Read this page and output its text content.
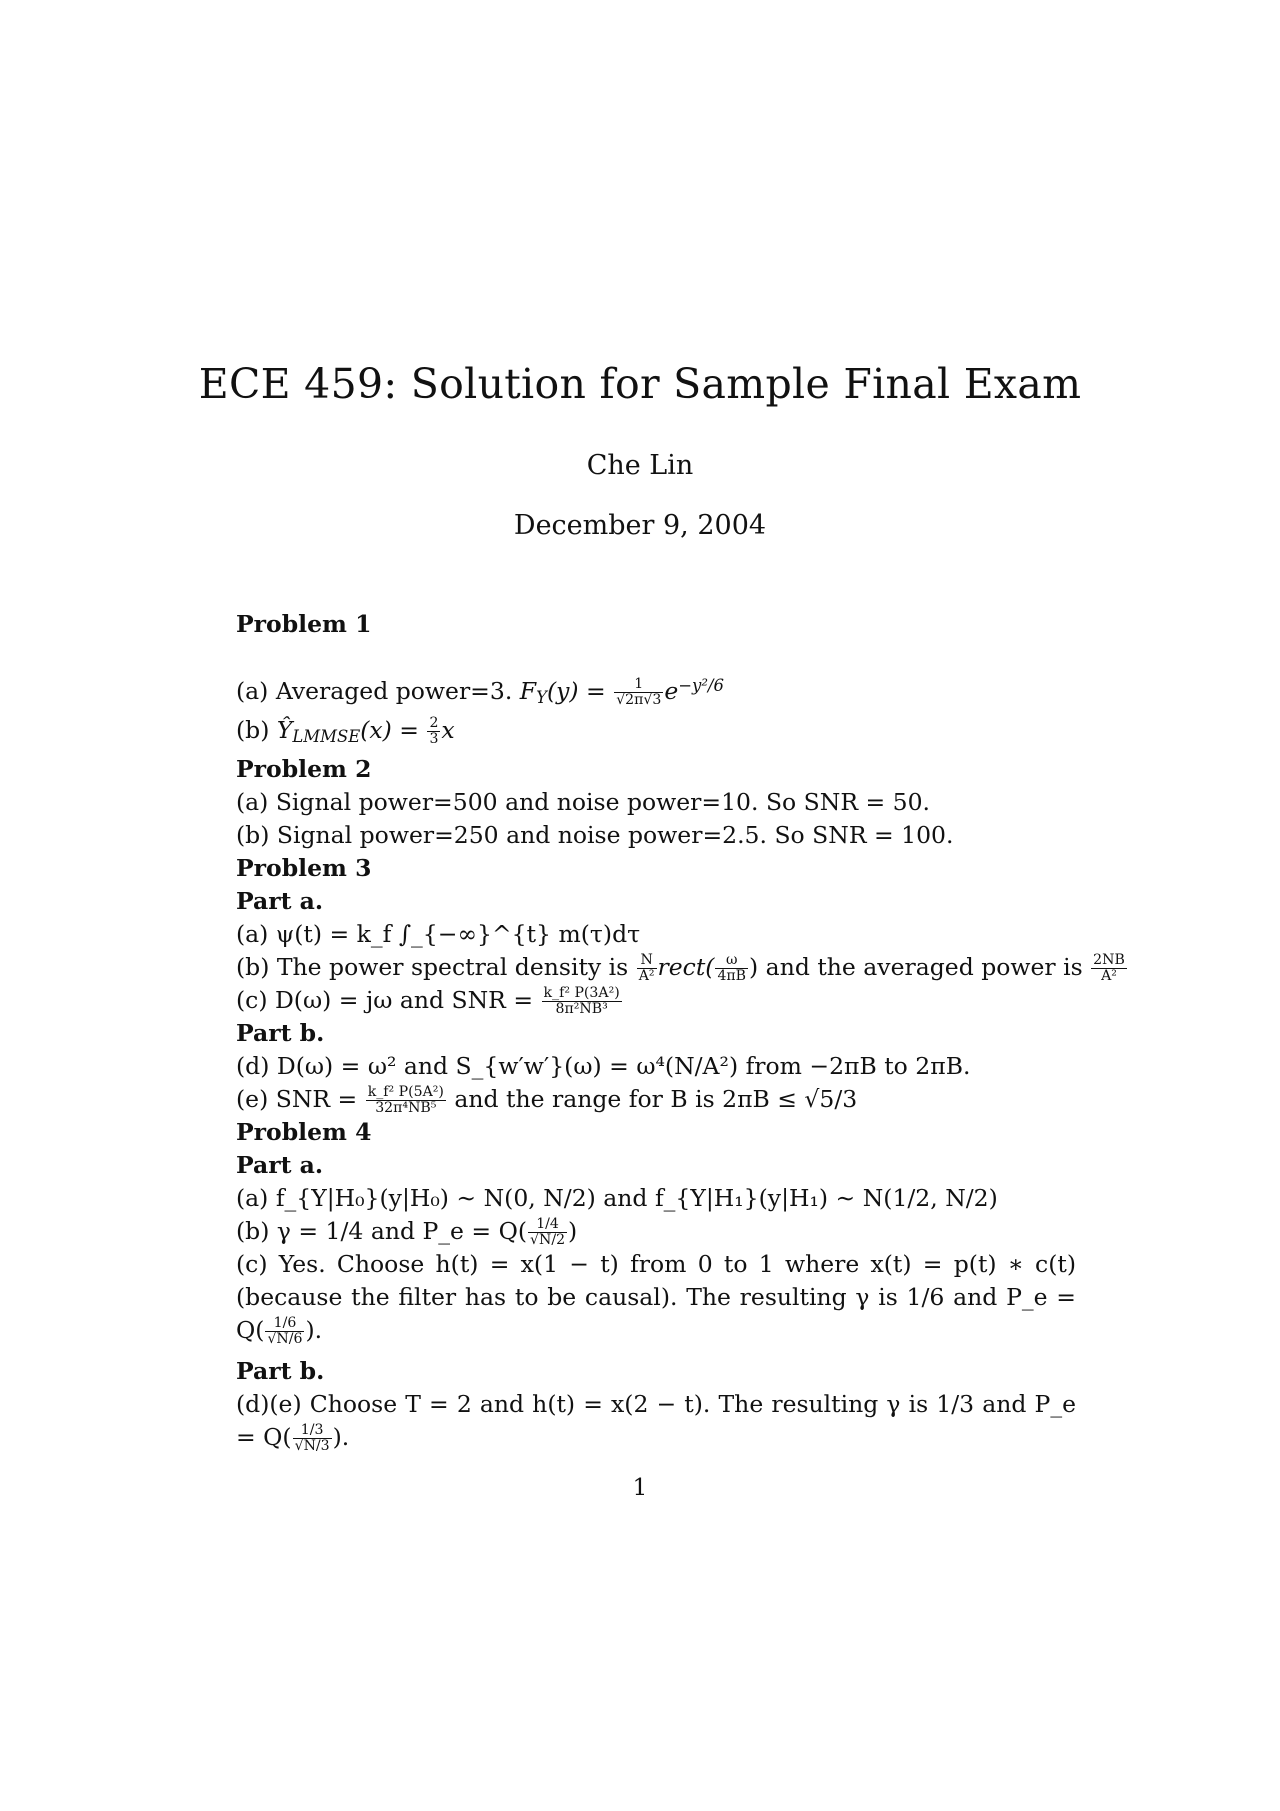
ECE 459: Solution for Sample Final Exam
Che Lin
December 9, 2004
Problem 1
(a) Averaged power=3. $F_Y(y) = \frac{1}{√2\pi√3} e^{-y^2/6}$
(b) $Ŷ_{LMMSE}(x) = \frac{2}{3}$ x
Problem 2
(a) Signal power=500 and noise power=10. So SNR = 50.
(b) Signal power=250 and noise power=2.5. So SNR = 100.
Problem 3
Part a.
(a) ψ(t) = k_f ∫_{−∞}^{t} m(τ)dτ
(b) The power spectral density is $\frac{N}{\text{A²}}$ rect( $\frac{\omega}{4\pi B}$ ) and the averaged power is $\frac{2NB}{\text{A²}}$
(c) D(ω) = jω and SNR = $\frac{\text{k\_f² P(3A²)}}{\text{8π²NB³}}$
Part b.
(d) D(ω) = ω² and S_{w′w′}(ω) = ω⁴(N/A²) from −2πB to 2πB.
(e) SNR = $\frac{\text{k\_f² P(5A²)}}{\text{32π⁴NB⁵}}$ and the range for B is 2πB ≤ √5/3
Problem 4
Part a.
(a) f_{Y|H₀}(y|H₀) ∼ N(0, N/2) and f_{Y|H₁}(y|H₁) ∼ N(1/2, N/2)
(b) γ = 1/4 and P_e = $Q( \frac{1/4}{√N/2}$ )
(c) Yes. Choose h(t) = x(1 − t) from 0 to 1 where x(t) = p(t) ∗ c(t) (because the filter has to be causal). The resulting γ is 1/6 and P_e = $Q( \frac{1/6}{√N/6}$ ).
Part b.
(d)(e) Choose T = 2 and h(t) = x(2 − t). The resulting γ is 1/3 and P_e = $Q( \frac{1/3}{√N/3}$ ).
1
